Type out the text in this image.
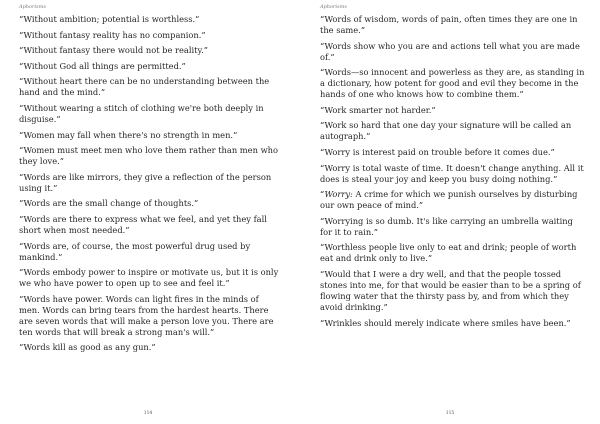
Aphorisms
“Without ambition; potential is worthless.”
“Without fantasy reality has no companion.”
“Without fantasy there would not be reality.”
“Without God all things are permitted.”
“Without heart there can be no understanding between the hand and the mind.”
“Without wearing a stitch of clothing we're both deeply in disguise.”
“Women may fall when there's no strength in men.”
“Women must meet men who love them rather than men who they love.”
“Words are like mirrors, they give a reflection of the person using it.”
“Words are the small change of thoughts.”
“Words are there to express what we feel, and yet they fall short when most needed.”
“Words are, of course, the most powerful drug used by mankind.”
“Words embody power to inspire or motivate us, but it is only we who have power to open up to see and feel it.”
“Words have power. Words can light fires in the minds of men. Words can bring tears from the hardest hearts. There are seven words that will make a person love you. There are ten words that will break a strong man's will.”
“Words kill as good as any gun.”
114
Aphorisms
“Words of wisdom, words of pain, often times they are one in the same.”
“Words show who you are and actions tell what you are made of.”
“Words—so innocent and powerless as they are, as standing in a dictionary, how potent for good and evil they become in the hands of one who knows how to combine them.”
“Work smarter not harder.”
“Work so hard that one day your signature will be called an autograph.”
“Worry is interest paid on trouble before it comes due.”
“Worry is total waste of time. It doesn't change anything. All it does is steal your joy and keep you busy doing nothing.”
“Worry: A crime for which we punish ourselves by disturbing our own peace of mind.”
“Worrying is so dumb. It's like carrying an umbrella waiting for it to rain.”
“Worthless people live only to eat and drink; people of worth eat and drink only to live.”
“Would that I were a dry well, and that the people tossed stones into me, for that would be easier than to be a spring of flowing water that the thirsty pass by, and from which they avoid drinking.”
“Wrinkles should merely indicate where smiles have been.”
115
